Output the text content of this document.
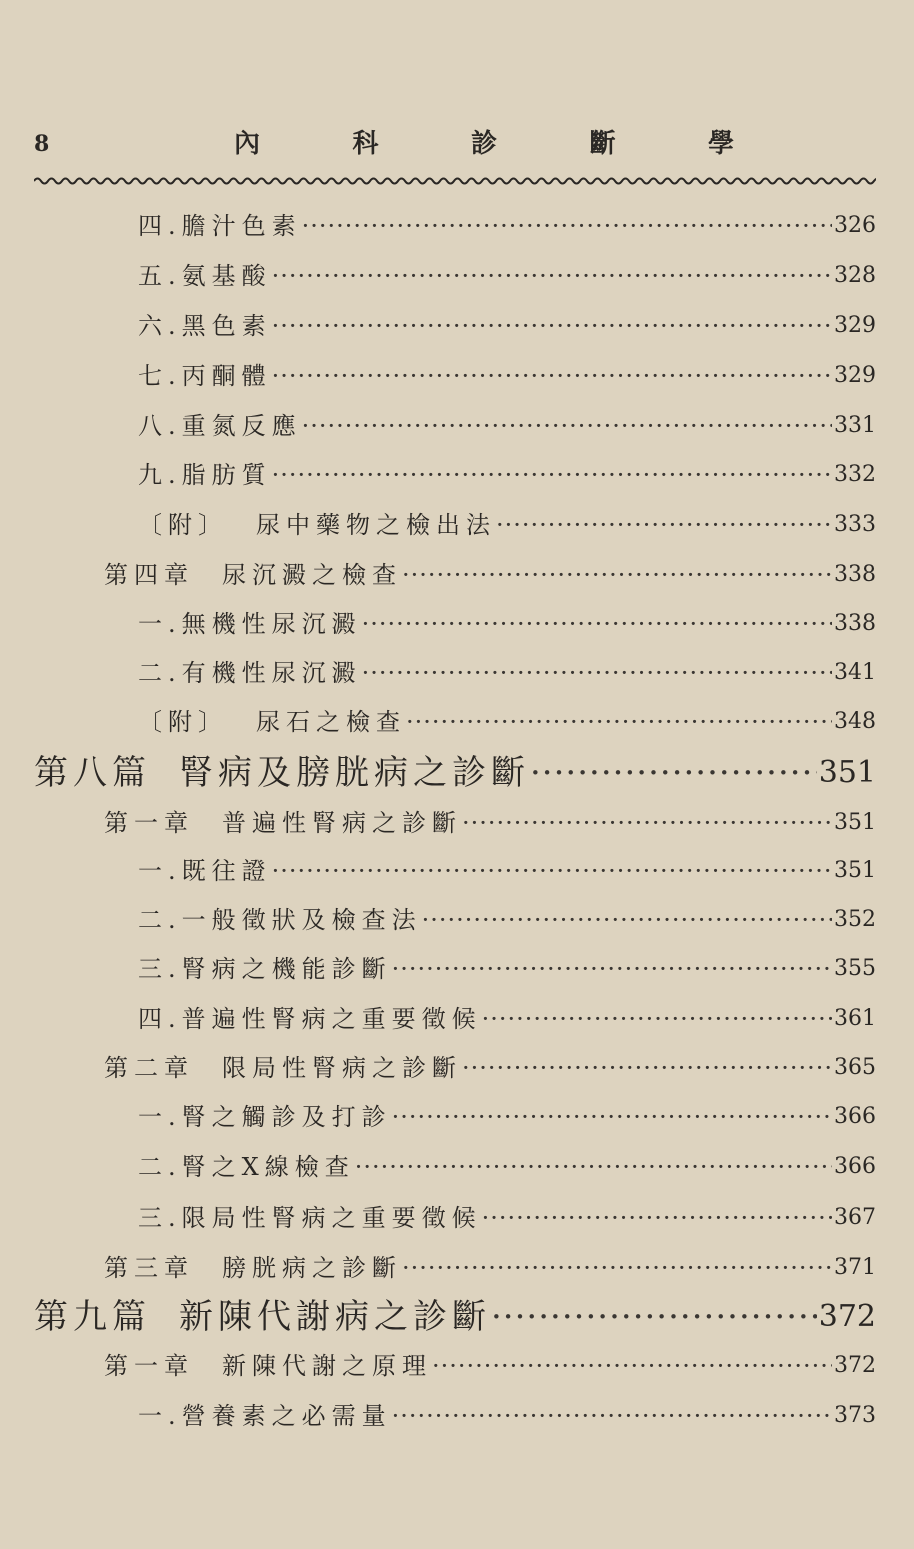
8	內	科	診	斷	學
四.膽汁色素 ·····	326
五.氨基酸 ·····	328
六.黑色素 ·····	329
七.丙酮體 ·····	329
八.重氮反應 ·····	331
九.脂肪質 ·····	332
〔附〕 尿中藥物之檢出法 ·····	333
第四章 尿沉澱之檢查 ·····	338
一.無機性尿沉澱 ·····	338
二.有機性尿沉澱 ·····	341
〔附〕 尿石之檢查 ·····	348
第八篇 腎病及膀胱病之診斷 ·····	351
第一章 普遍性腎病之診斷 ·····	351
一.既往證 ·····	351
二.一般徵狀及檢查法 ·····	352
三.腎病之機能診斷 ·····	355
四.普遍性腎病之重要徵候 ·····	361
第二章 限局性腎病之診斷 ·····	365
一.腎之觸診及打診 ·····	366
二.腎之X線檢查 ·····	366
三.限局性腎病之重要徵候 ·····	367
第三章 膀胱病之診斷 ·····	371
第九篇 新陳代謝病之診斷 ·····	372
第一章 新陳代謝之原理 ·····	372
一.營養素之必需量 ·····	373
